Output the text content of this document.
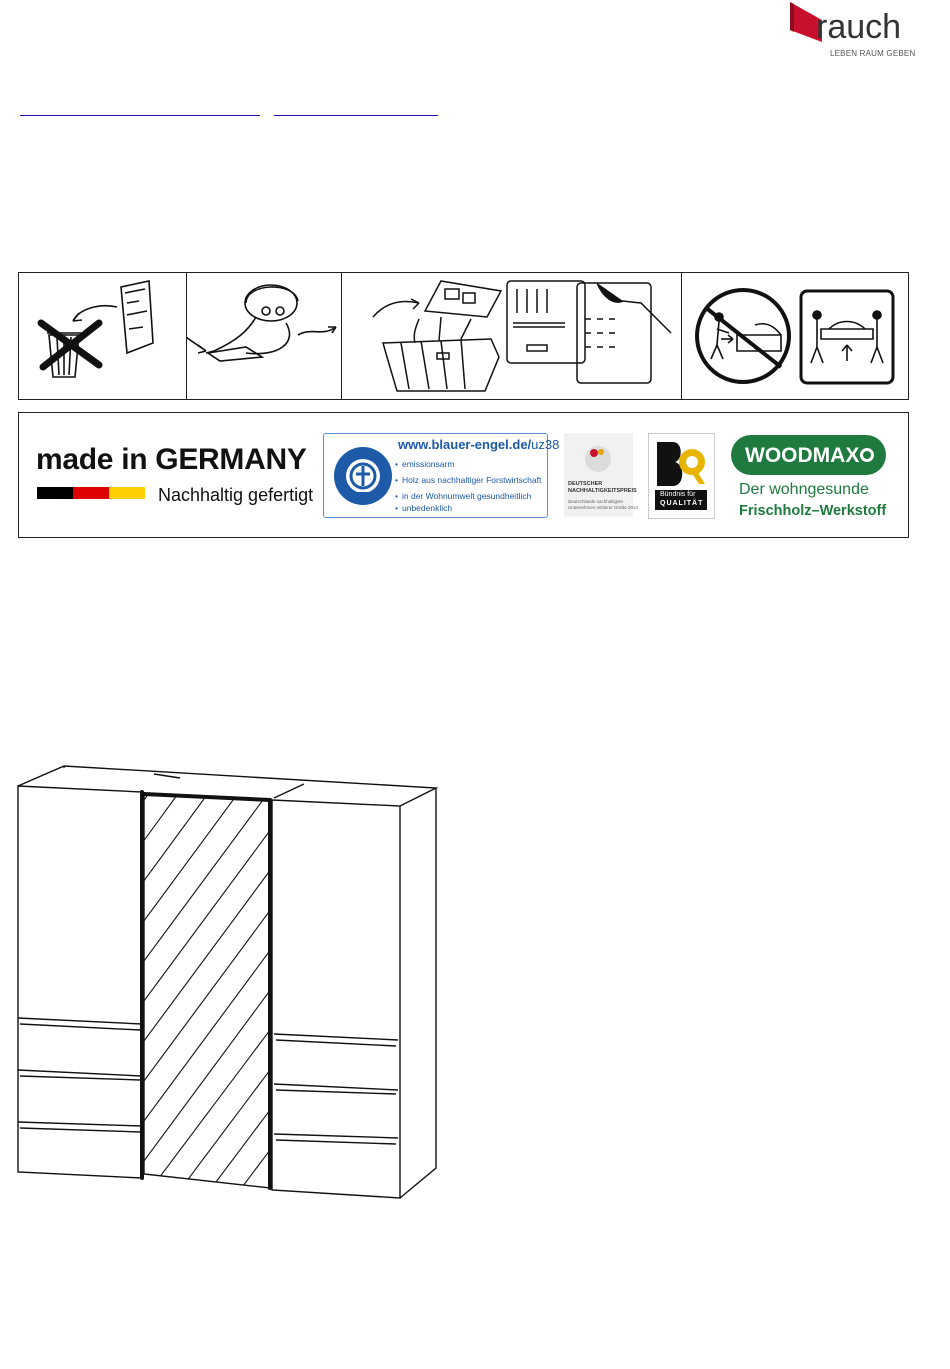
rauch
LEBEN RAUM GEBEN
made in GERMANY
Nachhaltig gefertigt
www.blauer-engel.de/uz38
• emissionsarm
• Holz aus nachhaltiger Forstwirtschaft
• in der Wohnumwelt gesundheitlich
• unbedenklich
DEUTSCHER
NACHHALTIGKEITSPREIS
Deutschlands nachhaltigste
Unternehmen mittlerer Größe 2014
Bündnis für
QUALITÄT
WOODMAX
Der wohngesunde
Frischholz–Werkstoff
